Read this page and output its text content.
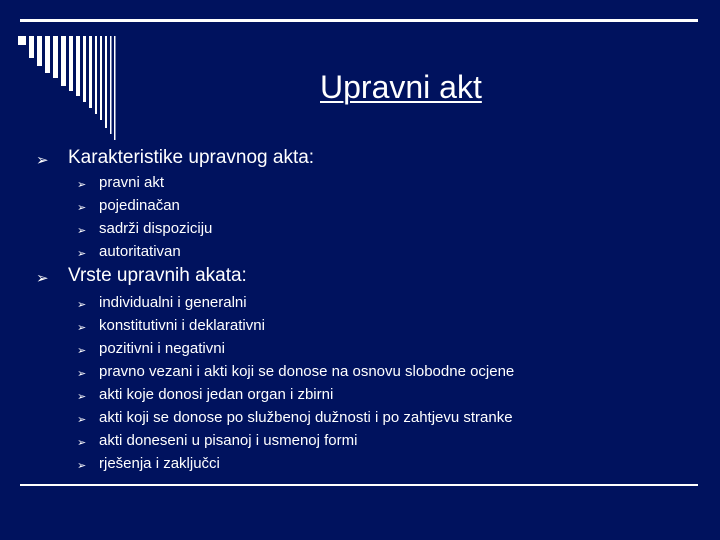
Upravni akt
➢ Karakteristike upravnog akta:
➢ pravni akt
➢ pojedinačan
➢ sadrži dispoziciju
➢ autoritativan
➢ Vrste upravnih akata:
➢ individualni i generalni
➢ konstitutivni i deklarativni
➢ pozitivni i negativni
➢ pravno vezani i akti koji se donose na osnovu slobodne ocjene
➢ akti koje donosi jedan organ i zbirni
➢ akti koji se donose po službenoj dužnosti i po zahtjevu stranke
➢ akti doneseni u pisanoj i usmenoj formi
➢ rješenja i zaključci
